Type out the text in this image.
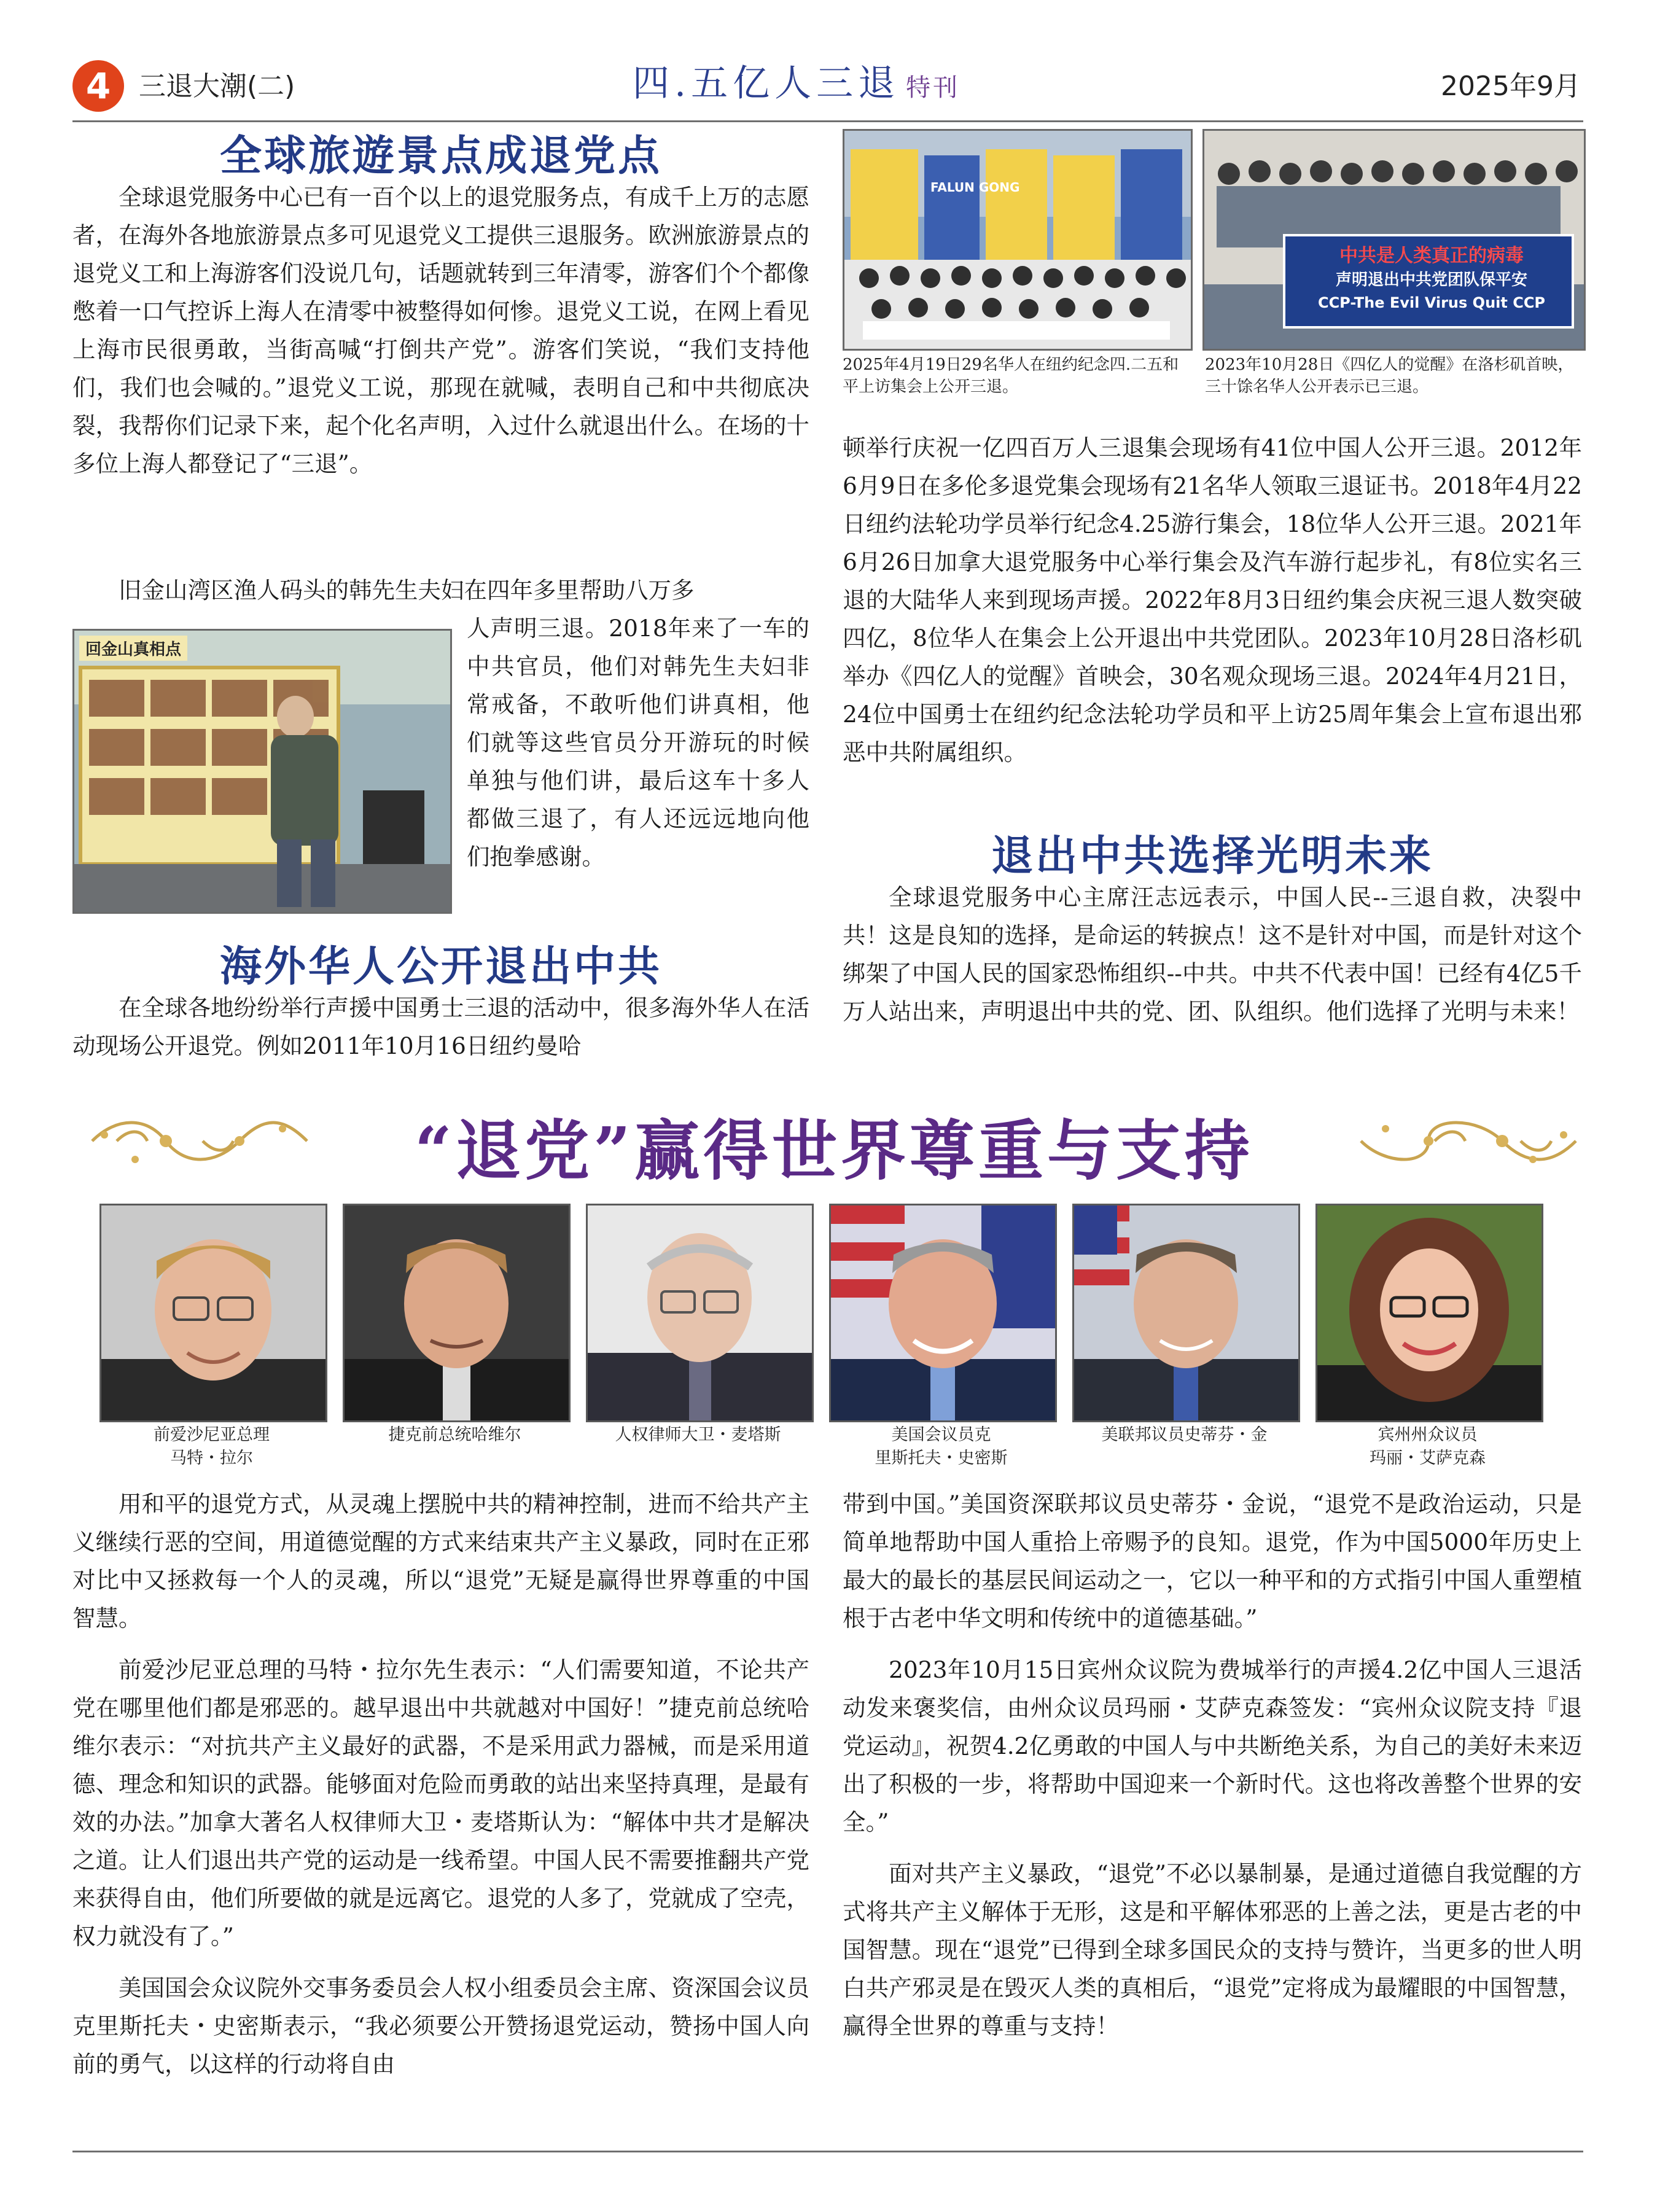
4	三退大潮(二)	四.五亿人三退 特刊	2025年9月
全球旅遊景点成退党点

全球退党服务中心已有一百个以上的退党服务点，有成千上万的志愿者，在海外各地旅游景点多可见退党义工提供三退服务。欧洲旅游景点的退党义工和上海游客们没说几句，话题就转到三年清零，游客们个个都像憋着一口气控诉上海人在清零中被整得如何惨。退党义工说，在网上看见上海市民很勇敢，当街高喊“打倒共产党”。游客们笑说，“我们支持他们，我们也会喊的。”退党义工说，那现在就喊，表明自己和中共彻底决裂，我帮你们记录下来，起个化名声明，入过什么就退出什么。在场的十多位上海人都登记了“三退”。

旧金山湾区渔人码头的韩先生夫妇在四年多里帮助八万多

回金山真相点

人声明三退。2018年来了一车的中共官员，他们对韩先生夫妇非常戒备，不敢听他们讲真相，他们就等这些官员分开游玩的时候单独与他们讲，最后这车十多人都做三退了，有人还远远地向他们抱拳感谢。

海外华人公开退出中共

在全球各地纷纷举行声援中国勇士三退的活动中，很多海外华人在活动现场公开退党。例如2011年10月16日纽约曼哈

FALUN GONG
中共是人类真正的病毒
声明退出中共党团队保平安
CCP-The Evil Virus Quit CCP
2025年4月19日29名华人在纽约纪念四.二五和平上访集会上公开三退。
2023年10月28日《四亿人的觉醒》在洛杉矶首映，三十馀名华人公开表示已三退。

顿举行庆祝一亿四百万人三退集会现场有41位中国人公开三退。2012年6月9日在多伦多退党集会现场有21名华人领取三退证书。2018年4月22日纽约法轮功学员举行纪念4.25游行集会，18位华人公开三退。2021年6月26日加拿大退党服务中心举行集会及汽车游行起步礼，有8位实名三退的大陆华人来到现场声援。2022年8月3日纽约集会庆祝三退人数突破四亿，8位华人在集会上公开退出中共党团队。2023年10月28日洛杉矶举办《四亿人的觉醒》首映会，30名观众现场三退。2024年4月21日，24位中国勇士在纽约纪念法轮功学员和平上访25周年集会上宣布退出邪恶中共附属组织。

退出中共选择光明未来

全球退党服务中心主席汪志远表示，中国人民--三退自救，决裂中共！这是良知的选择，是命运的转捩点！这不是针对中国，而是针对这个绑架了中国人民的国家恐怖组织--中共。中共不代表中国！已经有4亿5千万人站出来，声明退出中共的党、团、队组织。他们选择了光明与未来！

“退党”赢得世界尊重与支持
前爱沙尼亚总理
马特・拉尔
捷克前总统哈维尔	人权律师大卫・麦塔斯	美国会议员克
里斯托夫・史密斯
美联邦议员史蒂芬・金	宾州州众议员
玛丽・艾萨克森

用和平的退党方式，从灵魂上摆脱中共的精神控制，进而不给共产主义继续行恶的空间，用道德觉醒的方式来结束共产主义暴政，同时在正邪对比中又拯救每一个人的灵魂，所以“退党”无疑是赢得世界尊重的中国智慧。

前爱沙尼亚总理的马特・拉尔先生表示：“人们需要知道，不论共产党在哪里他们都是邪恶的。越早退出中共就越对中国好！”捷克前总统哈维尔表示：“对抗共产主义最好的武器，不是采用武力器械，而是采用道德、理念和知识的武器。能够面对危险而勇敢的站出来坚持真理，是最有效的办法。”加拿大著名人权律师大卫・麦塔斯认为：“解体中共才是解决之道。让人们退出共产党的运动是一线希望。中国人民不需要推翻共产党来获得自由，他们所要做的就是远离它。退党的人多了，党就成了空壳，权力就没有了。”

美国国会众议院外交事务委员会人权小组委员会主席、资深国会议员克里斯托夫・史密斯表示，“我必须要公开赞扬退党运动，赞扬中国人向前的勇气，以这样的行动将自由

带到中国。”美国资深联邦议员史蒂芬・金说，“退党不是政治运动，只是简单地帮助中国人重拾上帝赐予的良知。退党，作为中国5000年历史上最大的最长的基层民间运动之一，它以一种平和的方式指引中国人重塑植根于古老中华文明和传统中的道德基础。”

2023年10月15日宾州众议院为费城举行的声援4.2亿中国人三退活动发来褒奖信，由州众议员玛丽・艾萨克森签发：“宾州众议院支持『退党运动』，祝贺4.2亿勇敢的中国人与中共断绝关系，为自己的美好未来迈出了积极的一步，将帮助中国迎来一个新时代。这也将改善整个世界的安全。”

面对共产主义暴政，“退党”不必以暴制暴，是通过道德自我觉醒的方式将共产主义解体于无形，这是和平解体邪恶的上善之法，更是古老的中国智慧。现在“退党”已得到全球多国民众的支持与赞许，当更多的世人明白共产邪灵是在毁灭人类的真相后，“退党”定将成为最耀眼的中国智慧，赢得全世界的尊重与支持！
